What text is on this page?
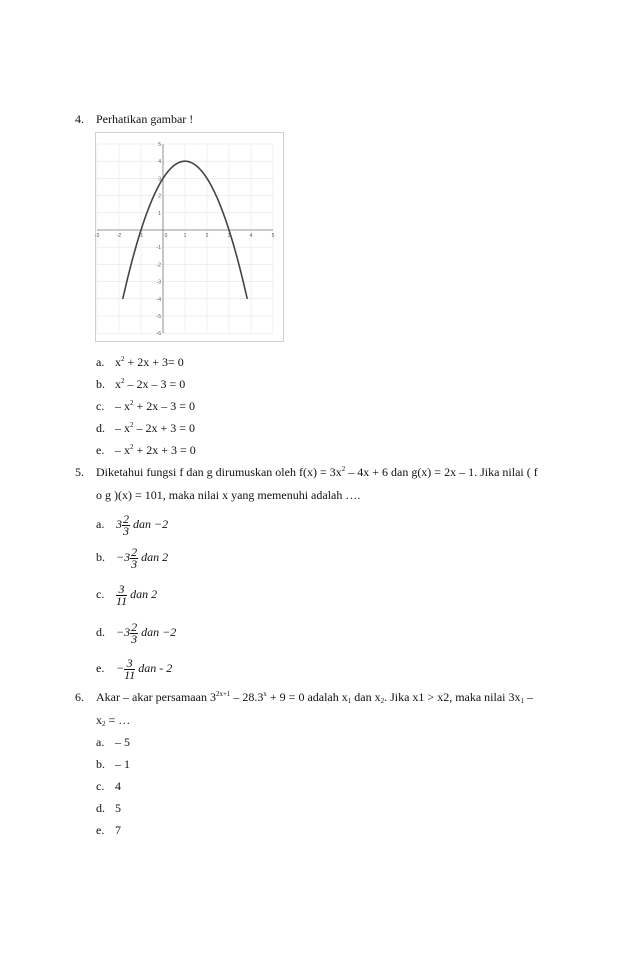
4. Perhatikan gambar !
-3	-2	-1	0	1	2	3	4	5
5
4
3
2
1
-1
-2
-3
-4
-5
-6
a. $x^2 + 2x + 3= 0$
b. $x^2 - 2x - 3 = 0$
c. – $x^2 + 2x - 3 = 0$
d. – $x^2 - 2x + 3 = 0$
e. – $x^2 + 2x + 3 = 0$
5. Diketahui fungsi f dan g dirumuskan oleh $f(x) = 3x^2 - 4x + 6$ dan g(x) = 2x – 1. Jika nilai ( f
o g )(x) = 101, maka nilai x yang memenuhi adalah ….
a. $3 \frac{2}{3}$ dan −2
b. $-3 \frac{2}{3}$ dan 2
c. $\frac{3}{11}$ dan 2
d. $-3 \frac{2}{3}$ dan −2
e. − $\frac{3}{11}$ dan - 2
6. Akar – akar persamaan $3^{2x+1} - 28.3^x + 9 = 0$ adalah $x_1$ dan $x_2$. Jika x1 > x2, maka nilai $3x_1$ –
$x_2$ = …
a. – 5
b. – 1
c. 4
d. 5
e. 7
